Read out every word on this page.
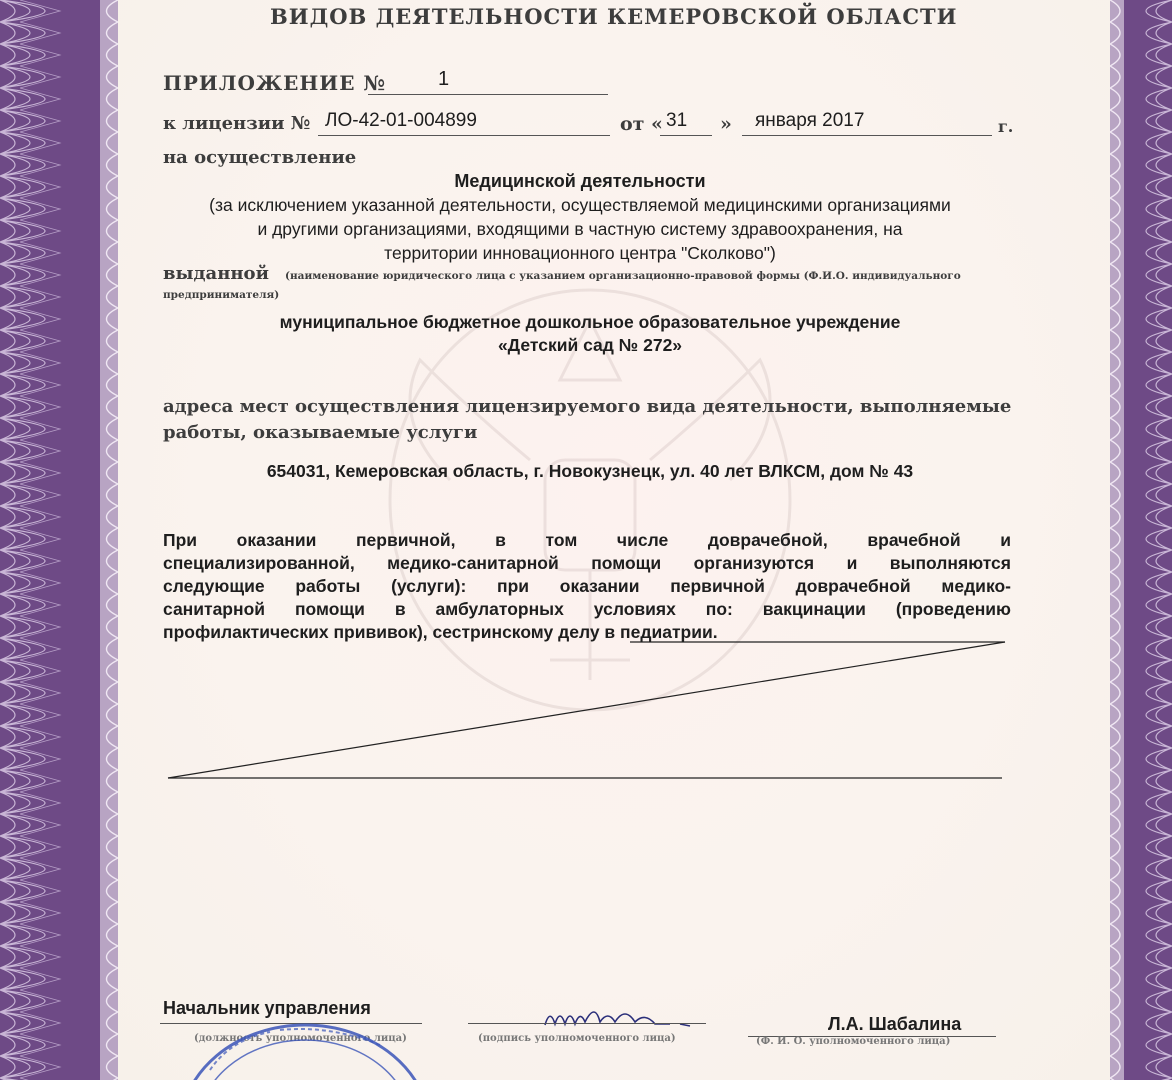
ВИДОВ ДЕЯТЕЛЬНОСТИ КЕМЕРОВСКОЙ ОБЛАСТИ
ПРИЛОЖЕНИЕ №	1
к лицензии № ЛО-42-01-004899	от « 31 » января 2017	г.
на осуществление
Медицинской деятельности
(за исключением указанной деятельности, осуществляемой медицинскими организациями
и другими организациями, входящими в частную систему здравоохранения, на
территории инновационного центра "Сколково")
выданной (наименование юридического лица с указанием организационно-правовой формы (Ф.И.О. индивидуального
предпринимателя)
муниципальное бюджетное дошкольное образовательное учреждение
«Детский сад № 272»
адреса мест осуществления лицензируемого вида деятельности, выполняемые
работы, оказываемые услуги
654031, Кемеровская область, г. Новокузнецк, ул. 40 лет ВЛКСМ, дом № 43
При оказании первичной, в том числе доврачебной, врачебной и
специализированной, медико-санитарной помощи организуются и выполняются
следующие работы (услуги): при оказании первичной доврачебной медико-
санитарной помощи в амбулаторных условиях по: вакцинации (проведению
профилактических прививок), сестринскому делу в педиатрии.
Начальник управления
(должность уполномоченного лица)	(подпись уполномоченного лица)
Л.А. Шабалина
(Ф. И. О. уполномоченного лица)
